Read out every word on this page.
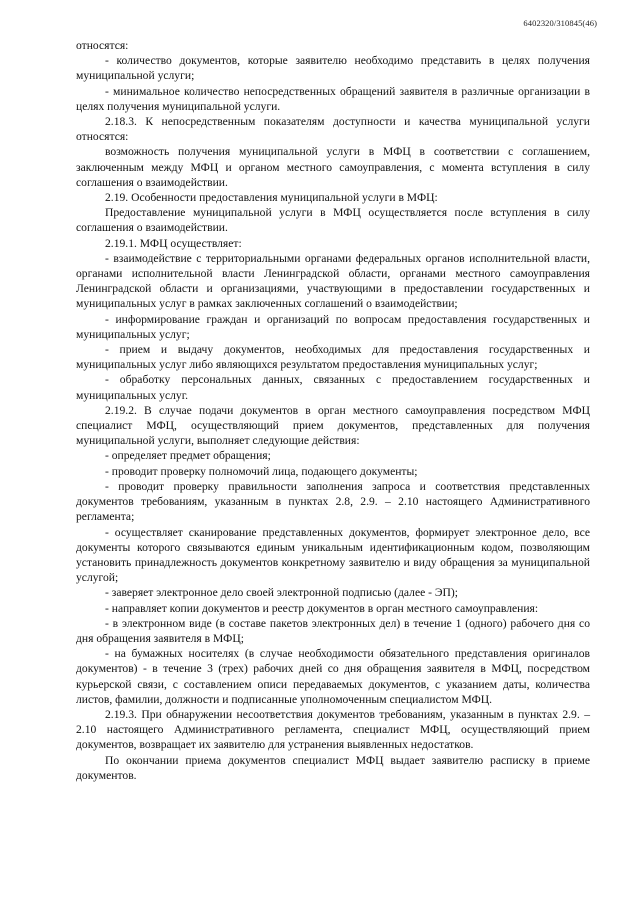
6402320/310845(46)

относятся:

- количество документов, которые заявителю необходимо представить в целях получения муниципальной услуги;

- минимальное количество непосредственных обращений заявителя в различные организации в целях получения муниципальной услуги.

2.18.3. К непосредственным показателям доступности и качества муниципальной услуги относятся:

возможность получения муниципальной услуги в МФЦ в соответствии с соглашением, заключенным между МФЦ и органом местного самоуправления, с момента вступления в силу соглашения о взаимодействии.

2.19. Особенности предоставления муниципальной услуги в МФЦ:

Предоставление муниципальной услуги в МФЦ осуществляется после вступления в силу соглашения о взаимодействии.

2.19.1. МФЦ осуществляет:

- взаимодействие с территориальными органами федеральных органов исполнительной власти, органами исполнительной власти Ленинградской области, органами местного самоуправления Ленинградской области и организациями, участвующими в предоставлении государственных и муниципальных услуг в рамках заключенных соглашений о взаимодействии;

- информирование граждан и организаций по вопросам предоставления государственных и муниципальных услуг;

- прием и выдачу документов, необходимых для предоставления государственных и муниципальных услуг либо являющихся результатом предоставления муниципальных услуг;

- обработку персональных данных, связанных с предоставлением государственных и муниципальных услуг.

2.19.2. В случае подачи документов в орган местного самоуправления посредством МФЦ специалист МФЦ, осуществляющий прием документов, представленных для получения муниципальной услуги, выполняет следующие действия:

- определяет предмет обращения;

- проводит проверку полномочий лица, подающего документы;

- проводит проверку правильности заполнения запроса и соответствия представленных документов требованиям, указанным в пунктах 2.8, 2.9. – 2.10 настоящего Административного регламента;

- осуществляет сканирование представленных документов, формирует электронное дело, все документы которого связываются единым уникальным идентификационным кодом, позволяющим установить принадлежность документов конкретному заявителю и виду обращения за муниципальной услугой;

- заверяет электронное дело своей электронной подписью (далее - ЭП);

- направляет копии документов и реестр документов в орган местного самоуправления:

- в электронном виде (в составе пакетов электронных дел) в течение 1 (одного) рабочего дня со дня обращения заявителя в МФЦ;

- на бумажных носителях (в случае необходимости обязательного представления оригиналов документов) - в течение 3 (трех) рабочих дней со дня обращения заявителя в МФЦ, посредством курьерской связи, с составлением описи передаваемых документов, с указанием даты, количества листов, фамилии, должности и подписанные уполномоченным специалистом МФЦ.

2.19.3. При обнаружении несоответствия документов требованиям, указанным в пунктах 2.9. – 2.10 настоящего Административного регламента, специалист МФЦ, осуществляющий прием документов, возвращает их заявителю для устранения выявленных недостатков.

По окончании приема документов специалист МФЦ выдает заявителю расписку в приеме документов.
